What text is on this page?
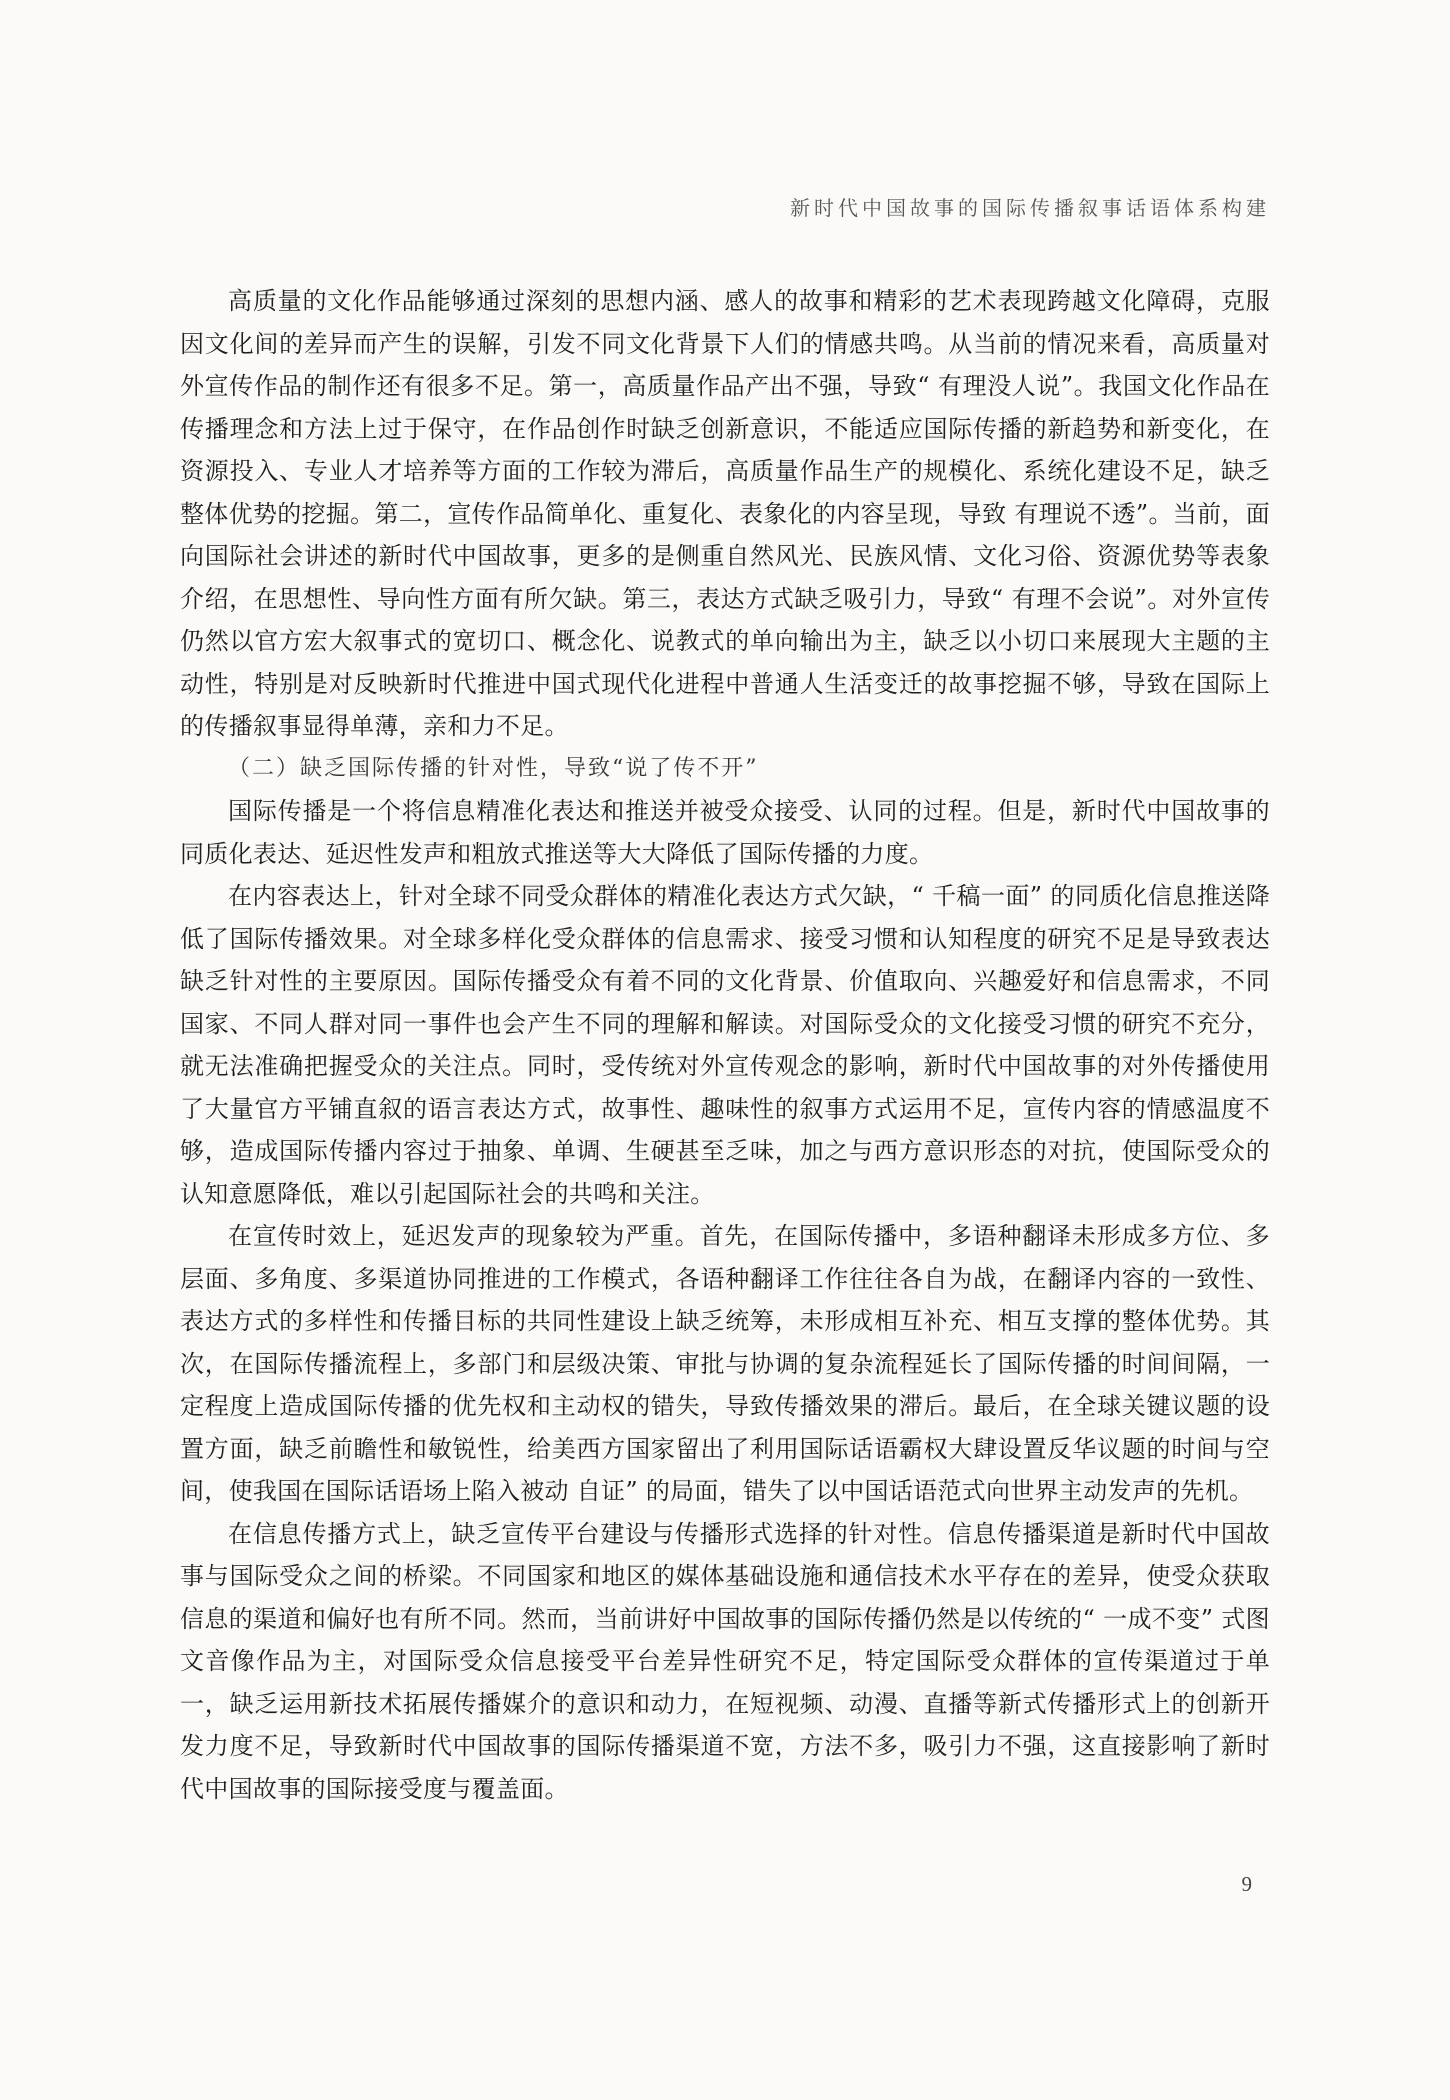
新时代中国故事的国际传播叙事话语体系构建

高质量的文化作品能够通过深刻的思想内涵、感人的故事和精彩的艺术表现跨越文化障碍，克服因文化间的差异而产生的误解，引发不同文化背景下人们的情感共鸣。从当前的情况来看，高质量对外宣传作品的制作还有很多不足。第一，高质量作品产出不强，导致“ 有理没人说”。我国文化作品在传播理念和方法上过于保守，在作品创作时缺乏创新意识，不能适应国际传播的新趋势和新变化，在资源投入、专业人才培养等方面的工作较为滞后，高质量作品生产的规模化、系统化建设不足，缺乏整体优势的挖掘。第二，宣传作品简单化、重复化、表象化的内容呈现，导致 有理说不透”。当前，面向国际社会讲述的新时代中国故事，更多的是侧重自然风光、民族风情、文化习俗、资源优势等表象介绍，在思想性、导向性方面有所欠缺。第三，表达方式缺乏吸引力，导致“ 有理不会说”。对外宣传仍然以官方宏大叙事式的宽切口、概念化、说教式的单向输出为主，缺乏以小切口来展现大主题的主动性，特别是对反映新时代推进中国式现代化进程中普通人生活变迁的故事挖掘不够，导致在国际上的传播叙事显得单薄，亲和力不足。

（二）缺乏国际传播的针对性，导致“说了传不开”

国际传播是一个将信息精准化表达和推送并被受众接受、认同的过程。但是，新时代中国故事的同质化表达、延迟性发声和粗放式推送等大大降低了国际传播的力度。

在内容表达上，针对全球不同受众群体的精准化表达方式欠缺，“ 千稿一面” 的同质化信息推送降低了国际传播效果。对全球多样化受众群体的信息需求、接受习惯和认知程度的研究不足是导致表达缺乏针对性的主要原因。国际传播受众有着不同的文化背景、价值取向、兴趣爱好和信息需求，不同国家、不同人群对同一事件也会产生不同的理解和解读。对国际受众的文化接受习惯的研究不充分，就无法准确把握受众的关注点。同时，受传统对外宣传观念的影响，新时代中国故事的对外传播使用了大量官方平铺直叙的语言表达方式，故事性、趣味性的叙事方式运用不足，宣传内容的情感温度不够，造成国际传播内容过于抽象、单调、生硬甚至乏味，加之与西方意识形态的对抗，使国际受众的认知意愿降低，难以引起国际社会的共鸣和关注。

在宣传时效上，延迟发声的现象较为严重。首先，在国际传播中，多语种翻译未形成多方位、多层面、多角度、多渠道协同推进的工作模式，各语种翻译工作往往各自为战，在翻译内容的一致性、表达方式的多样性和传播目标的共同性建设上缺乏统筹，未形成相互补充、相互支撑的整体优势。其次，在国际传播流程上，多部门和层级决策、审批与协调的复杂流程延长了国际传播的时间间隔，一定程度上造成国际传播的优先权和主动权的错失，导致传播效果的滞后。最后，在全球关键议题的设置方面，缺乏前瞻性和敏锐性，给美西方国家留出了利用国际话语霸权大肆设置反华议题的时间与空间，使我国在国际话语场上陷入被动 自证” 的局面，错失了以中国话语范式向世界主动发声的先机。

在信息传播方式上，缺乏宣传平台建设与传播形式选择的针对性。信息传播渠道是新时代中国故事与国际受众之间的桥梁。不同国家和地区的媒体基础设施和通信技术水平存在的差异，使受众获取信息的渠道和偏好也有所不同。然而，当前讲好中国故事的国际传播仍然是以传统的“ 一成不变” 式图文音像作品为主，对国际受众信息接受平台差异性研究不足，特定国际受众群体的宣传渠道过于单一，缺乏运用新技术拓展传播媒介的意识和动力，在短视频、动漫、直播等新式传播形式上的创新开发力度不足，导致新时代中国故事的国际传播渠道不宽，方法不多，吸引力不强，这直接影响了新时代中国故事的国际接受度与覆盖面。

9
